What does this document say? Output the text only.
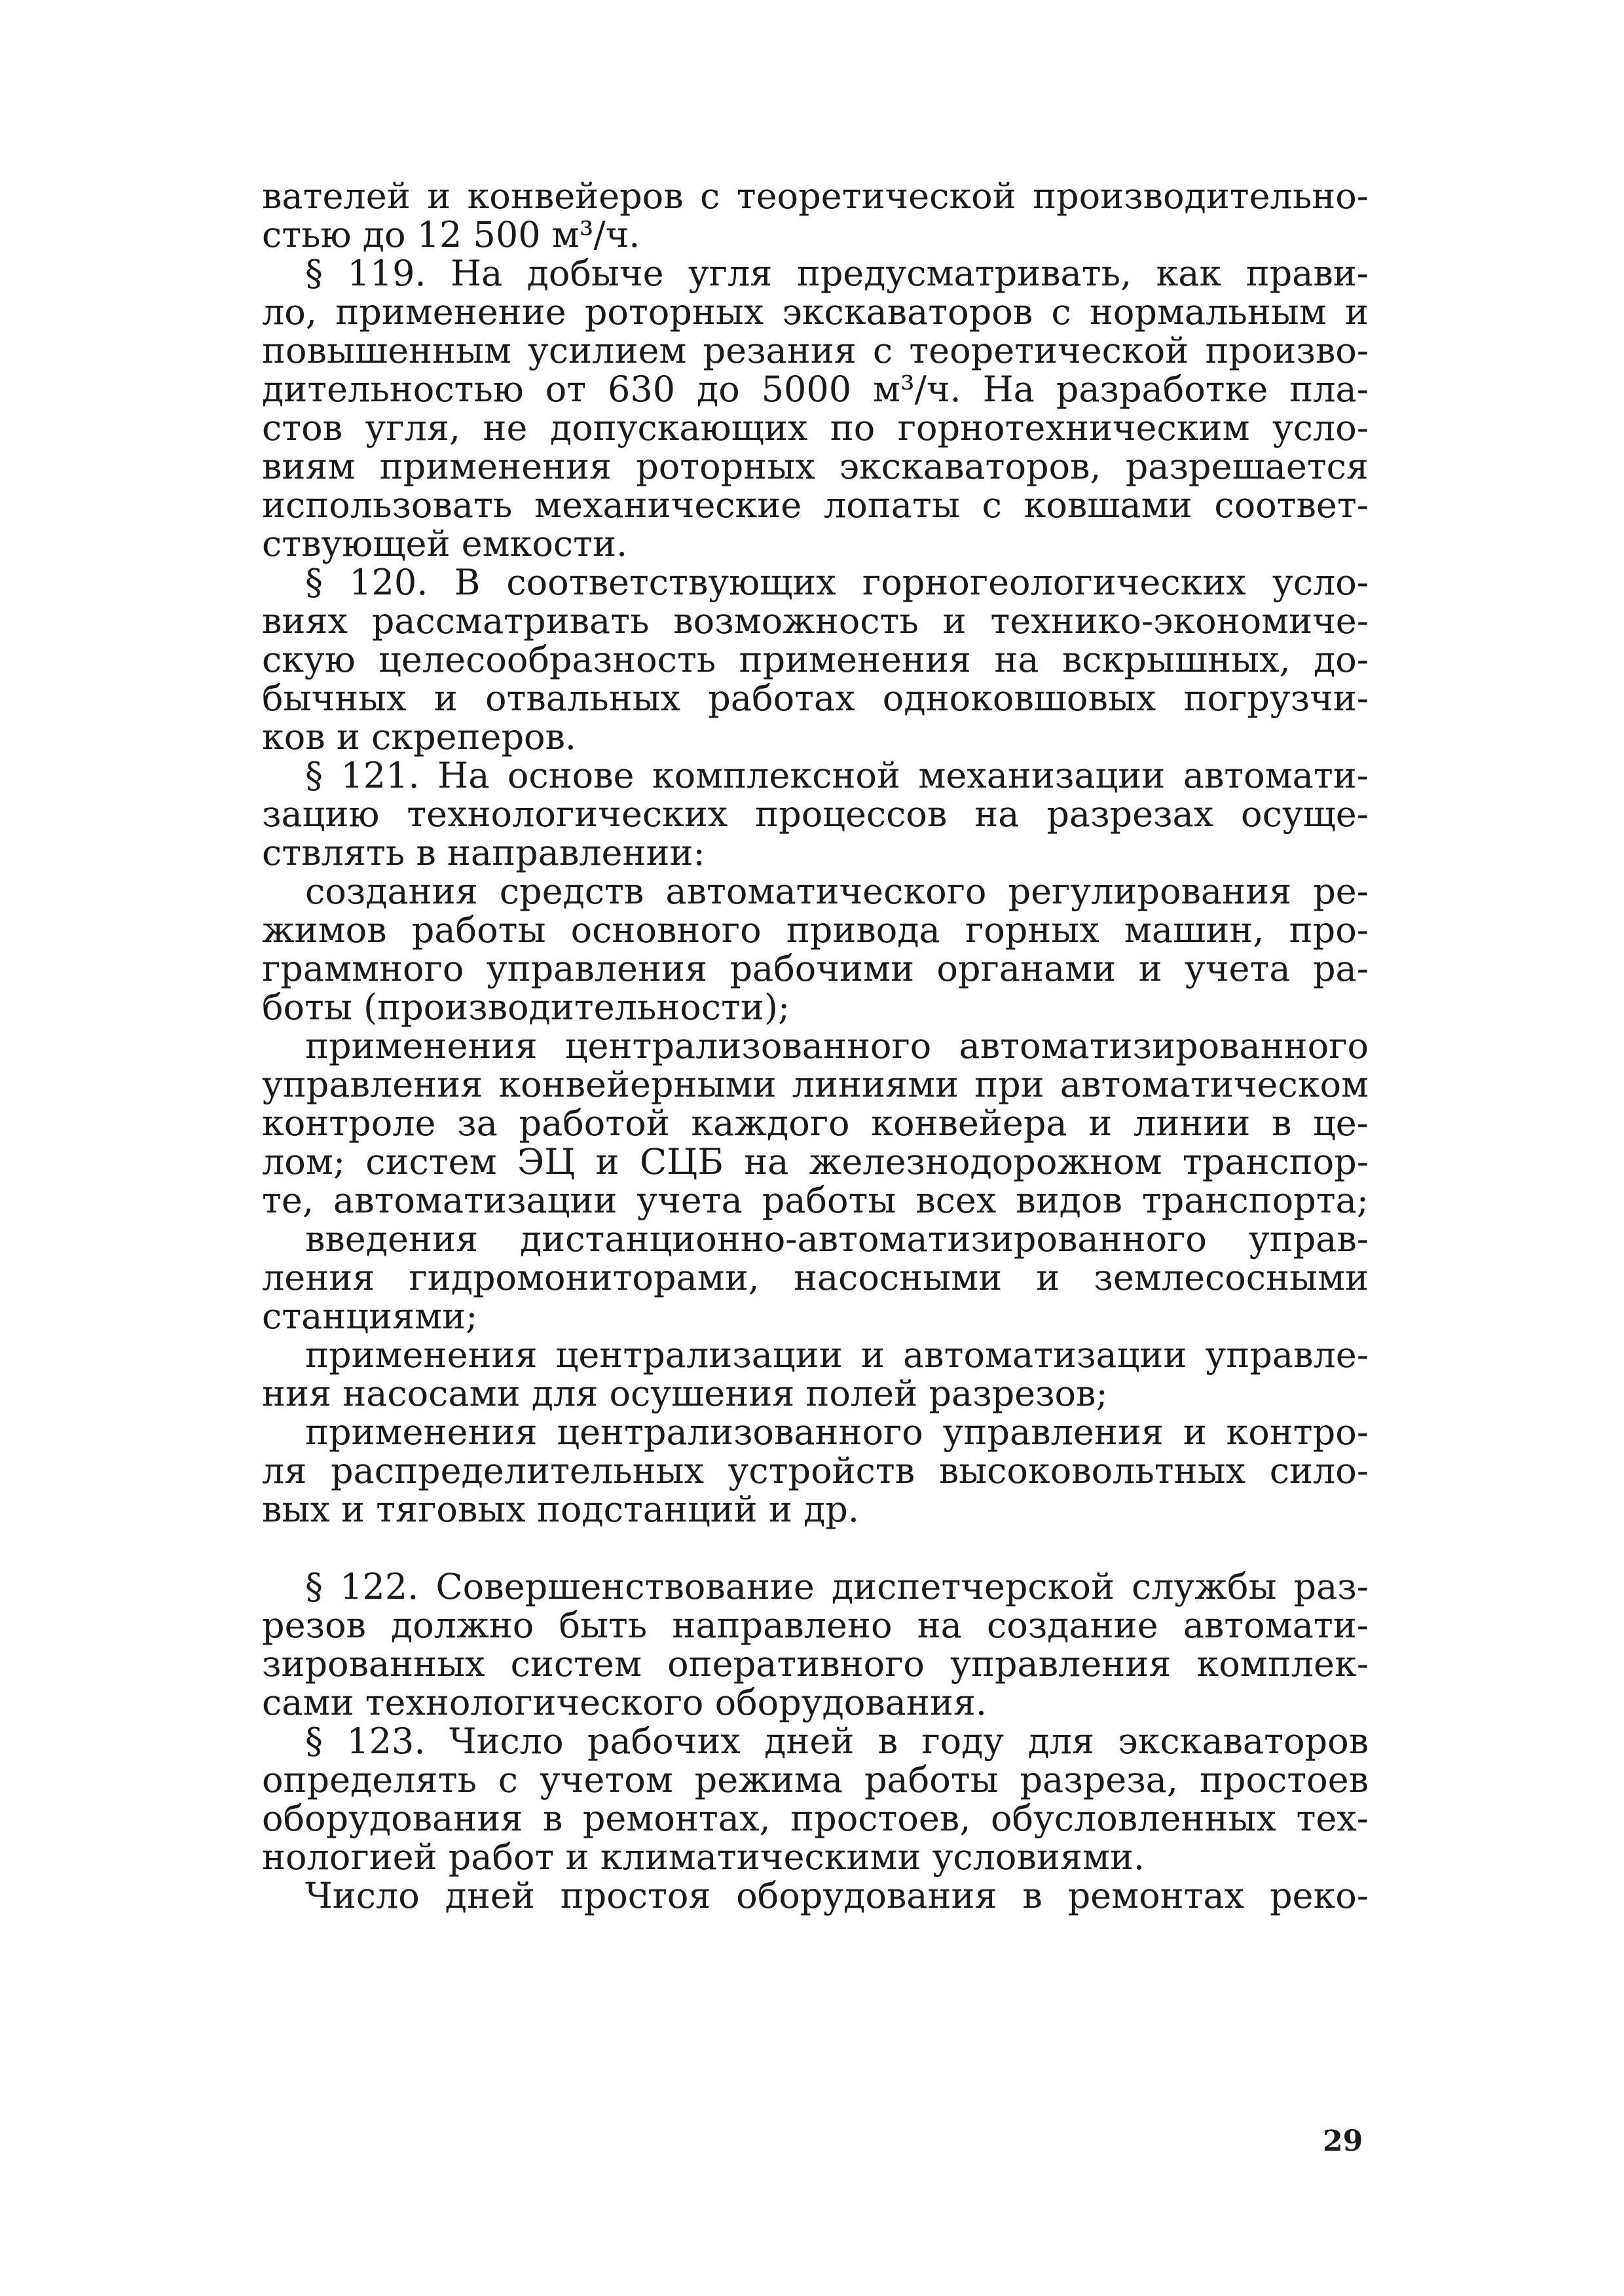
вателей и конвейеров с теоретической производительно-
стью до 12 500 м³/ч.
§ 119. На добыче угля предусматривать, как прави-
ло, применение роторных экскаваторов с нормальным и
повышенным усилием резания с теоретической произво-
дительностью от 630 до 5000 м³/ч. На разработке пла-
стов угля, не допускающих по горнотехническим усло-
виям применения роторных экскаваторов, разрешается
использовать механические лопаты с ковшами соответ-
ствующей емкости.
§ 120. В соответствующих горногеологических усло-
виях рассматривать возможность и технико-экономиче-
скую целесообразность применения на вскрышных, до-
бычных и отвальных работах одноковшовых погрузчи-
ков и скреперов.
§ 121. На основе комплексной механизации автомати-
зацию технологических процессов на разрезах осуще-
ствлять в направлении:
создания средств автоматического регулирования ре-
жимов работы основного привода горных машин, про-
граммного управления рабочими органами и учета ра-
боты (производительности);
применения централизованного автоматизированного
управления конвейерными линиями при автоматическом
контроле за работой каждого конвейера и линии в це-
лом; систем ЭЦ и СЦБ на железнодорожном транспор-
те, автоматизации учета работы всех видов транспорта;
введения дистанционно-автоматизированного управ-
ления гидромониторами, насосными и землесосными
станциями;
применения централизации и автоматизации управле-
ния насосами для осушения полей разрезов;
применения централизованного управления и контро-
ля распределительных устройств высоковольтных сило-
вых и тяговых подстанций и др.
§ 122. Совершенствование диспетчерской службы раз-
резов должно быть направлено на создание автомати-
зированных систем оперативного управления комплек-
сами технологического оборудования.
§ 123. Число рабочих дней в году для экскаваторов
определять с учетом режима работы разреза, простоев
оборудования в ремонтах, простоев, обусловленных тех-
нологией работ и климатическими условиями.
Число дней простоя оборудования в ремонтах реко-
29
